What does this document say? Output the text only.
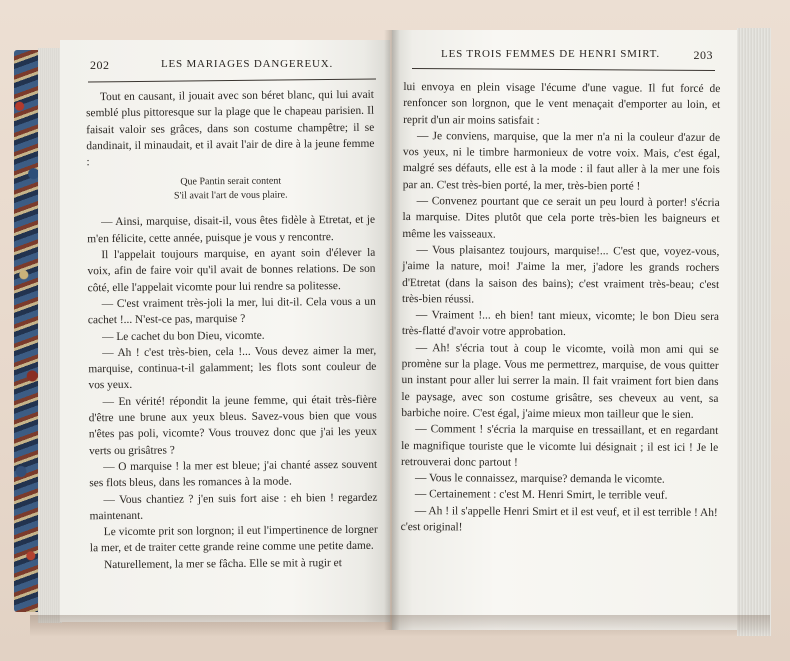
202	LES MARIAGES DANGEREUX.

Tout en causant, il jouait avec son béret blanc, qui lui avait semblé plus pittoresque sur la plage que le chapeau parisien. Il faisait valoir ses grâces, dans son costume champêtre; il se dandinait, il minaudait, et il avait l'air de dire à la jeune femme :

Que Pantin serait content
S'il avait l'art de vous plaire.

— Ainsi, marquise, disait-il, vous êtes fidèle à Etretat, et je m'en félicite, cette année, puisque je vous y rencontre.

Il l'appelait toujours marquise, en ayant soin d'élever la voix, afin de faire voir qu'il avait de bonnes relations. De son côté, elle l'appelait vicomte pour lui rendre sa politesse.

— C'est vraiment très-joli la mer, lui dit-il. Cela vous a un cachet !... N'est-ce pas, marquise ?

— Le cachet du bon Dieu, vicomte.

— Ah ! c'est très-bien, cela !... Vous devez aimer la mer, marquise, continua-t-il galamment; les flots sont couleur de vos yeux.

— En vérité! répondit la jeune femme, qui était très-fière d'être une brune aux yeux bleus. Savez-vous bien que vous n'êtes pas poli, vicomte? Vous trouvez donc que j'ai les yeux verts ou grisâtres ?

— O marquise ! la mer est bleue; j'ai chanté assez souvent ses flots bleus, dans les romances à la mode.

— Vous chantiez ? j'en suis fort aise : eh bien ! regardez maintenant.

Le vicomte prit son lorgnon; il eut l'impertinence de lorgner la mer, et de traiter cette grande reine comme une petite dame.

Naturellement, la mer se fâcha. Elle se mit à rugir et

LES TROIS FEMMES DE HENRI SMIRT.	203

lui envoya en plein visage l'écume d'une vague. Il fut forcé de renfoncer son lorgnon, que le vent menaçait d'emporter au loin, et reprit d'un air moins satisfait :

— Je conviens, marquise, que la mer n'a ni la couleur d'azur de vos yeux, ni le timbre harmonieux de votre voix. Mais, c'est égal, malgré ses défauts, elle est à la mode : il faut aller à la mer une fois par an. C'est très-bien porté, la mer, très-bien porté !

— Convenez pourtant que ce serait un peu lourd à porter! s'écria la marquise. Dites plutôt que cela porte très-bien les baigneurs et même les vaisseaux.

— Vous plaisantez toujours, marquise!... C'est que, voyez-vous, j'aime la nature, moi! J'aime la mer, j'adore les grands rochers d'Etretat (dans la saison des bains); c'est vraiment très-beau; c'est très-bien réussi.

— Vraiment !... eh bien! tant mieux, vicomte; le bon Dieu sera très-flatté d'avoir votre approbation.

— Ah! s'écria tout à coup le vicomte, voilà mon ami qui se promène sur la plage. Vous me permettrez, marquise, de vous quitter un instant pour aller lui serrer la main. Il fait vraiment fort bien dans le paysage, avec son costume grisâtre, ses cheveux au vent, sa barbiche noire. C'est égal, j'aime mieux mon tailleur que le sien.

— Comment ! s'écria la marquise en tressaillant, et en regardant le magnifique touriste que le vicomte lui désignait ; il est ici ! Je le retrouverai donc partout !

— Vous le connaissez, marquise? demanda le vicomte.

— Certainement : c'est M. Henri Smirt, le terrible veuf.

— Ah ! il s'appelle Henri Smirt et il est veuf, et il est terrible ! Ah! c'est original!
